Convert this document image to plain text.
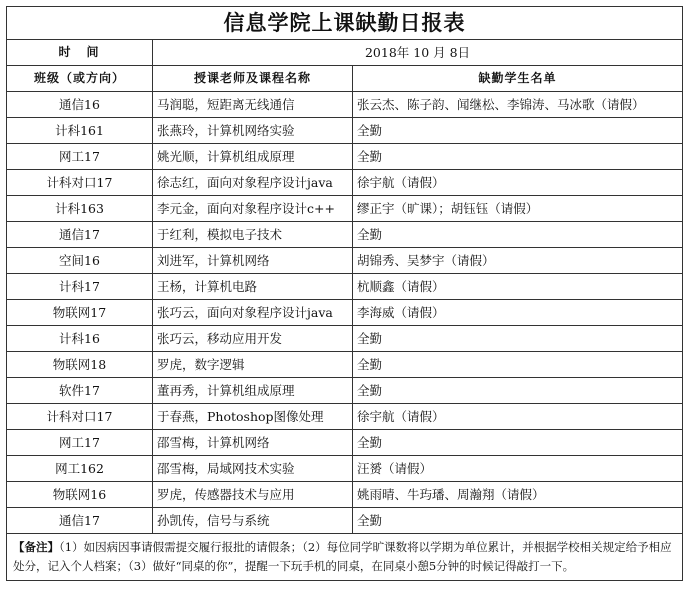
信息学院上课缺勤日报表		
时　间	2018年 10 月 8日	
班级（或方向）	授课老师及课程名称	缺勤学生名单
通信16	马润聪，短距离无线通信	张云杰、陈子韵、闻继松、李锦涛、马冰歌（请假）
计科161	张燕玲，计算机网络实验	全勤
网工17	姚光顺，计算机组成原理	全勤
计科对口17	徐志红，面向对象程序设计java	徐宇航（请假）
计科163	李元金，面向对象程序设计c++	缪正宇（旷课）；胡钰钰（请假）
通信17	于红利，模拟电子技术	全勤
空间16	刘进军，计算机网络	胡锦秀、吴梦宇（请假）
计科17	王杨，计算机电路	杭顺鑫（请假）
物联网17	张巧云，面向对象程序设计java	李海威（请假）
计科16	张巧云，移动应用开发	全勤
物联网18	罗虎，数字逻辑	全勤
软件17	董再秀，计算机组成原理	全勤
计科对口17	于春燕，Photoshop图像处理	徐宇航（请假）
网工17	邵雪梅，计算机网络	全勤
网工162	邵雪梅，局域网技术实验	汪赟（请假）
物联网16	罗虎，传感器技术与应用	姚雨晴、牛玙璠、周瀚翔（请假）
通信17	孙凯传，信号与系统	全勤
【备注】（1）如因病因事请假需提交履行报批的请假条；（2）每位同学旷课数将以学期为单位累计，并根据学校相关规定给予相应处分，记入个人档案；（3）做好“同桌的你”，提醒一下玩手机的同桌，在同桌小憩5分钟的时候记得敲打一下。		
